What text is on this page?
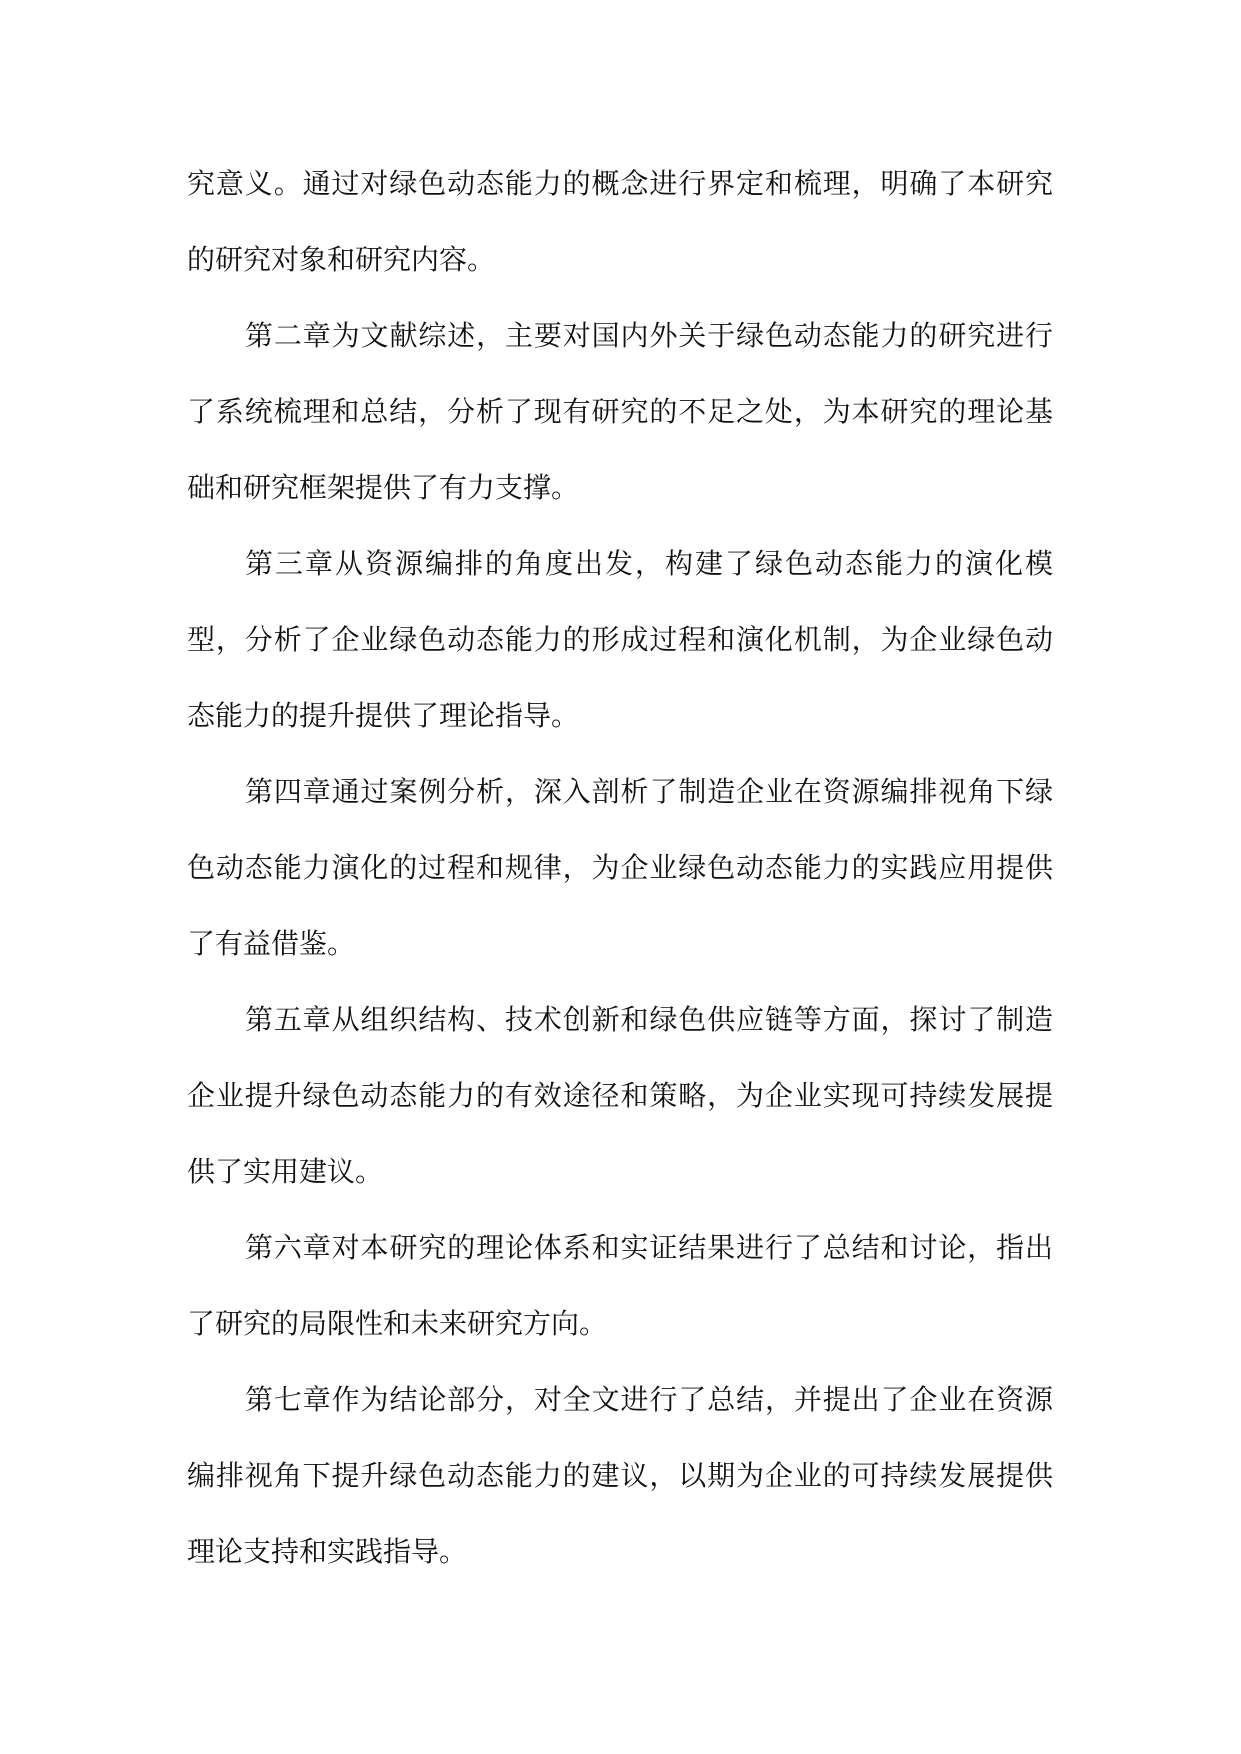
究意义。通过对绿色动态能力的概念进行界定和梳理，明确了本研究的研究对象和研究内容。

第二章为文献综述，主要对国内外关于绿色动态能力的研究进行了系统梳理和总结，分析了现有研究的不足之处，为本研究的理论基础和研究框架提供了有力支撑。

第三章从资源编排的角度出发，构建了绿色动态能力的演化模型，分析了企业绿色动态能力的形成过程和演化机制，为企业绿色动态能力的提升提供了理论指导。

第四章通过案例分析，深入剖析了制造企业在资源编排视角下绿色动态能力演化的过程和规律，为企业绿色动态能力的实践应用提供了有益借鉴。

第五章从组织结构、技术创新和绿色供应链等方面，探讨了制造企业提升绿色动态能力的有效途径和策略，为企业实现可持续发展提供了实用建议。

第六章对本研究的理论体系和实证结果进行了总结和讨论，指出了研究的局限性和未来研究方向。

第七章作为结论部分，对全文进行了总结，并提出了企业在资源编排视角下提升绿色动态能力的建议，以期为企业的可持续发展提供理论支持和实践指导。
